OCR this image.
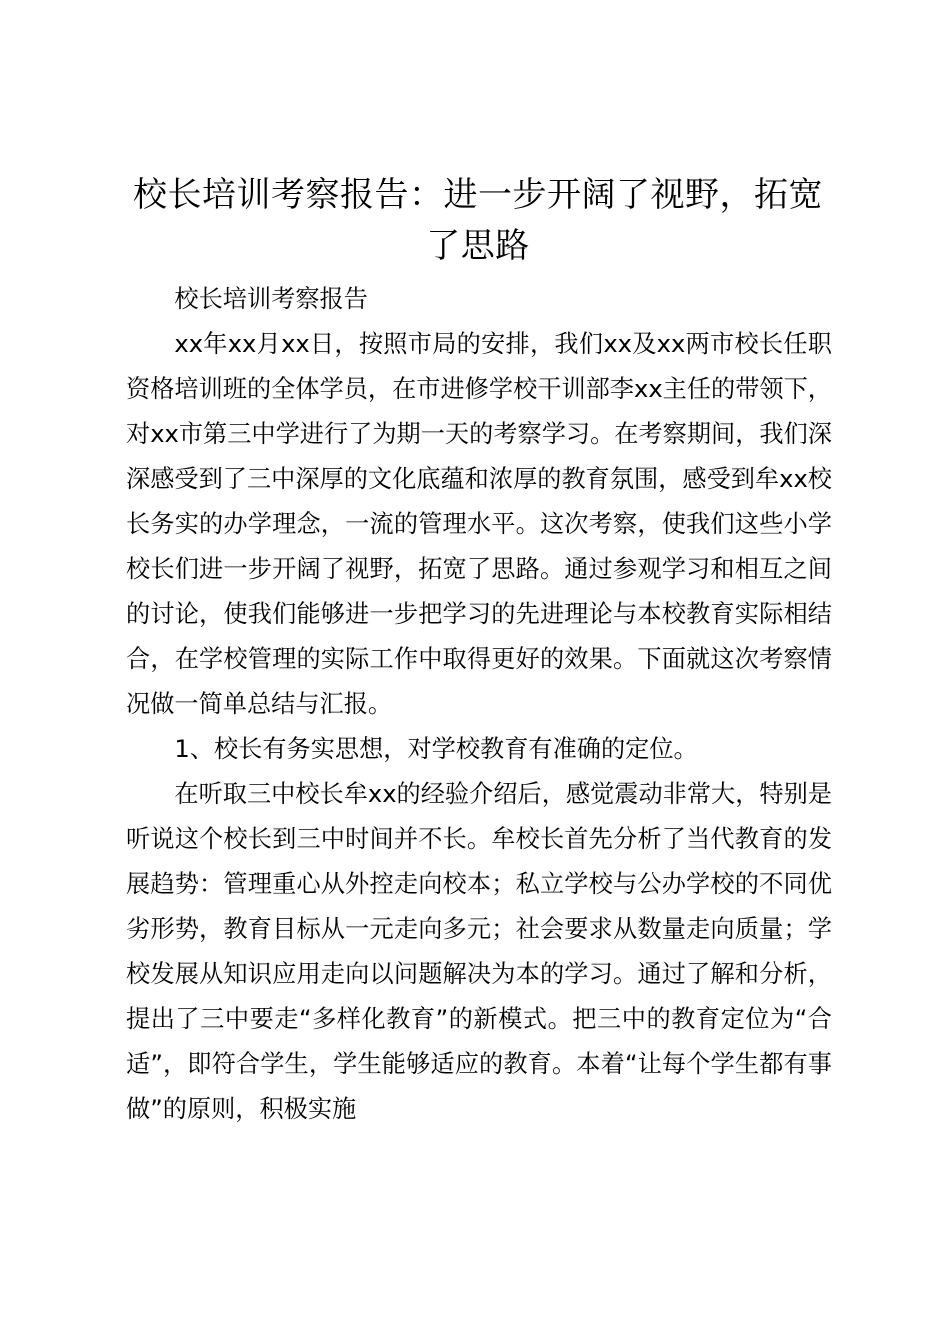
校长培训考察报告：进一步开阔了视野，拓宽了思路

校长培训考察报告

xx年xx月xx日，按照市局的安排，我们xx及xx两市校长任职资格培训班的全体学员，在市进修学校干训部李xx主任的带领下，对xx市第三中学进行了为期一天的考察学习。在考察期间，我们深深感受到了三中深厚的文化底蕴和浓厚的教育氛围，感受到牟xx校长务实的办学理念，一流的管理水平。这次考察，使我们这些小学校长们进一步开阔了视野，拓宽了思路。通过参观学习和相互之间的讨论，使我们能够进一步把学习的先进理论与本校教育实际相结合，在学校管理的实际工作中取得更好的效果。下面就这次考察情况做一简单总结与汇报。

1、校长有务实思想，对学校教育有准确的定位。

在听取三中校长牟xx的经验介绍后，感觉震动非常大，特别是听说这个校长到三中时间并不长。牟校长首先分析了当代教育的发展趋势：管理重心从外控走向校本；私立学校与公办学校的不同优劣形势，教育目标从一元走向多元；社会要求从数量走向质量；学校发展从知识应用走向以问题解决为本的学习。通过了解和分析，提出了三中要走“多样化教育”的新模式。把三中的教育定位为“合适”，即符合学生，学生能够适应的教育。本着“让每个学生都有事做”的原则，积极实施
